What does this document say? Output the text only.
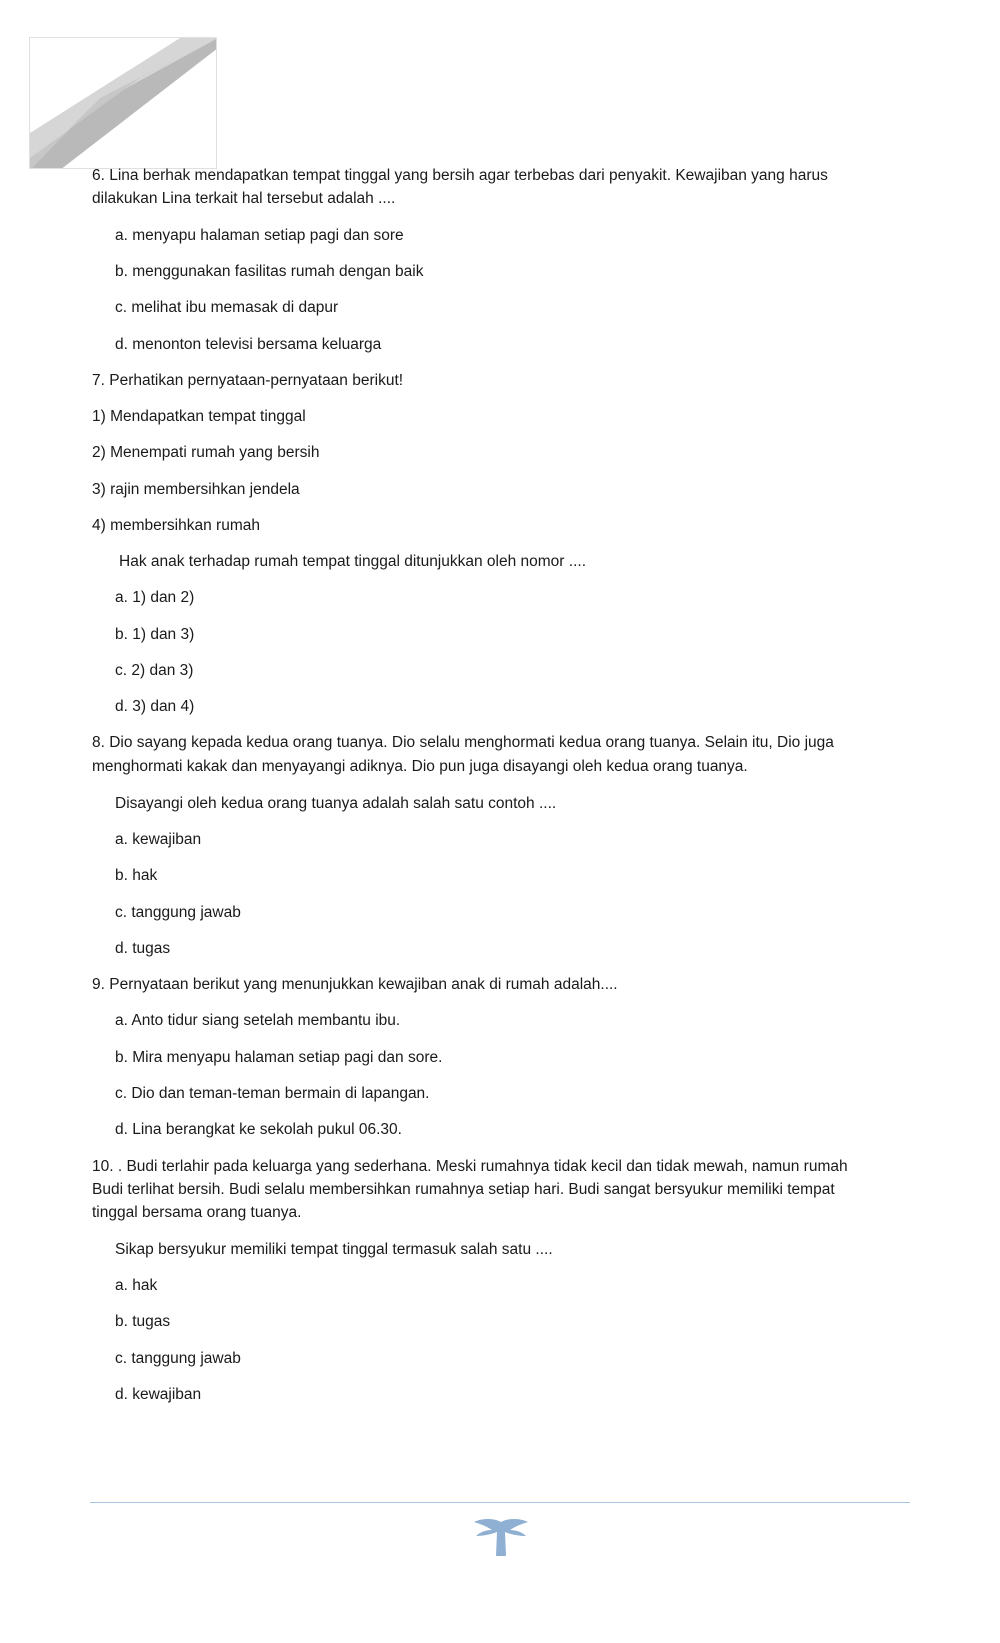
6. Lina berhak mendapatkan tempat tinggal yang bersih agar terbebas dari penyakit. Kewajiban yang harus
dilakukan Lina terkait hal tersebut adalah ....
a. menyapu halaman setiap pagi dan sore
b. menggunakan fasilitas rumah dengan baik
c. melihat ibu memasak di dapur
d. menonton televisi bersama keluarga
7. Perhatikan pernyataan-pernyataan berikut!
1) Mendapatkan tempat tinggal
2) Menempati rumah yang bersih
3) rajin membersihkan jendela
4) membersihkan rumah
Hak anak terhadap rumah tempat tinggal ditunjukkan oleh nomor ....
a. 1) dan 2)
b. 1) dan 3)
c. 2) dan 3)
d. 3) dan 4)
8. Dio sayang kepada kedua orang tuanya. Dio selalu menghormati kedua orang tuanya. Selain itu, Dio juga
menghormati kakak dan menyayangi adiknya. Dio pun juga disayangi oleh kedua orang tuanya.
Disayangi oleh kedua orang tuanya adalah salah satu contoh ....
a. kewajiban
b. hak
c. tanggung jawab
d. tugas
9. Pernyataan berikut yang menunjukkan kewajiban anak di rumah adalah....
a. Anto tidur siang setelah membantu ibu.
b. Mira menyapu halaman setiap pagi dan sore.
c. Dio dan teman-teman bermain di lapangan.
d. Lina berangkat ke sekolah pukul 06.30.
10. . Budi terlahir pada keluarga yang sederhana. Meski rumahnya tidak kecil dan tidak mewah, namun rumah
Budi terlihat bersih. Budi selalu membersihkan rumahnya setiap hari. Budi sangat bersyukur memiliki tempat
tinggal bersama orang tuanya.
Sikap bersyukur memiliki tempat tinggal termasuk salah satu ....
a. hak
b. tugas
c. tanggung jawab
d. kewajiban
